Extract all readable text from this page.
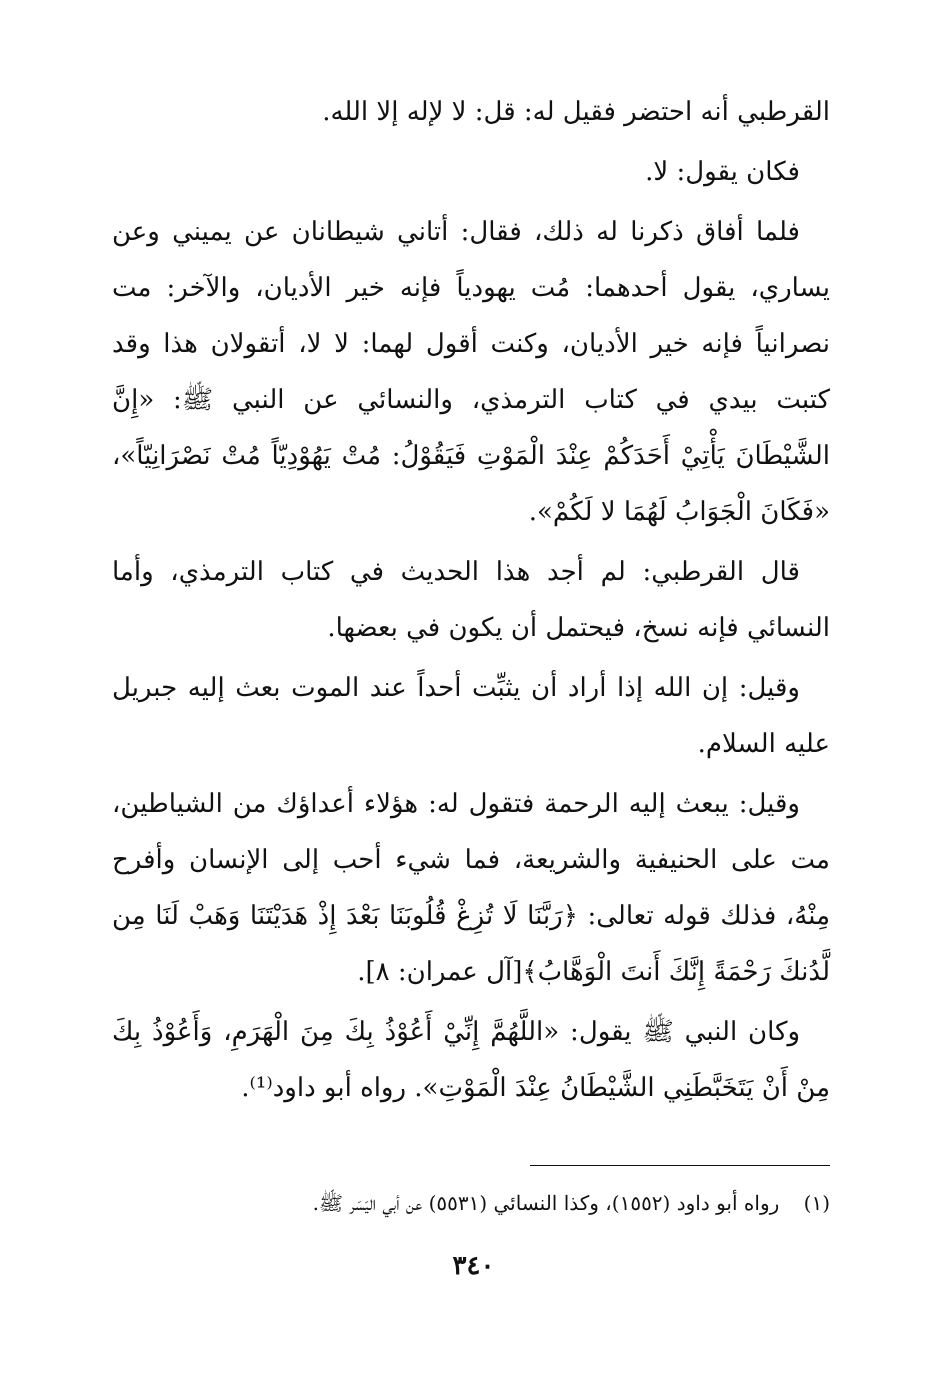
القرطبي أنه احتضر فقيل له: قل: لا لإله إلا الله.

فكان يقول: لا.

فلما أفاق ذكرنا له ذلك، فقال: أتاني شيطانان عن يميني وعن يساري، يقول أحدهما: مُت يهودياً فإنه خير الأديان، والآخر: مت نصرانياً فإنه خير الأديان، وكنت أقول لهما: لا لا، أتقولان هذا وقد كتبت بيدي في كتاب الترمذي، والنسائي عن النبي ﷺ: «إِنَّ الشَّيْطَانَ يَأْتِيْ أَحَدَكُمْ عِنْدَ الْمَوْتِ فَيَقُوْلُ: مُتْ يَهُوْدِيّاً مُتْ نَصْرَانِيّاً»، «فَكَانَ الْجَوَابُ لَهُمَا لا لَكُمْ».

قال القرطبي: لم أجد هذا الحديث في كتاب الترمذي، وأما النسائي فإنه نسخ، فيحتمل أن يكون في بعضها.

وقيل: إن الله إذا أراد أن يثبِّت أحداً عند الموت بعث إليه جبريل عليه السلام.

وقيل: يبعث إليه الرحمة فتقول له: هؤلاء أعداؤك من الشياطين، مت على الحنيفية والشريعة، فما شيء أحب إلى الإنسان وأفرح مِنْهُ، فذلك قوله تعالى: ﴿رَبَّنَا لَا تُزِغْ قُلُوبَنَا بَعْدَ إِذْ هَدَيْتَنَا وَهَبْ لَنَا مِن لَّدُنكَ رَحْمَةً إِنَّكَ أَنتَ الْوَهَّابُ﴾[آل عمران: ٨].

وكان النبي ﷺ يقول: «اللَّهُمَّ إِنِّيْ أَعُوْذُ بِكَ مِنَ الْهَرَمِ، وَأَعُوْذُ بِكَ مِنْ أَنْ يَتَخَبَّطَنِي الشَّيْطَانُ عِنْدَ الْمَوْتِ». رواه أبو داود⁽¹⁾.

(١) رواه أبو داود (١٥٥٢)، وكذا النسائي (٥٥٣١) عن أبي اليَسَر ﷺ.
٣٤٠
